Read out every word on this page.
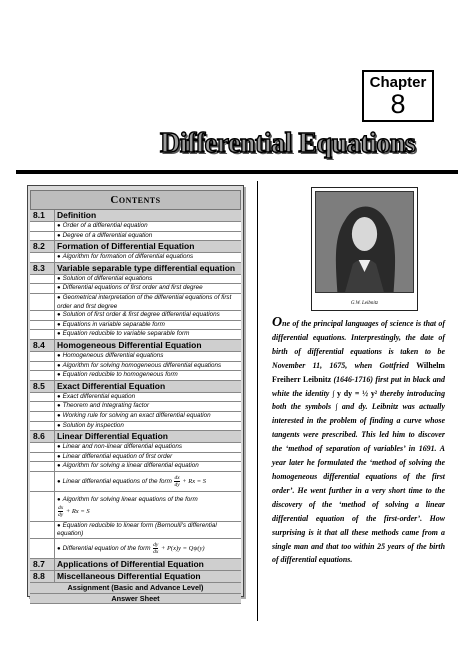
Chapter
8
Differential Equations
Contents
8.1	Definition
● Order of a differential equation
● Degree of a differential equation
8.2	Formation of Differential Equation
● Algorithm for formation of differential equations
8.3	Variable separable type differential equation
● Solution of differential equations
● Differential equations of first order and first degree
● Geometrical interpretation of the differential equations of first order and first degree
● Solution of first order & first degree differential equations
● Equations in variable separable form
● Equation reducible to variable separable form
8.4	Homogeneous Differential Equation
● Homogeneous differential equations
● Algorithm for solving homogeneous differential equations
● Equation reducible to homogeneous form
8.5	Exact Differential Equation
● Exact differential equation
● Theorem and Integrating factor
● Working rule for solving an exact differential equation
● Solution by inspection
8.6	Linear Differential Equation
● Linear and non-linear differential equations
● Linear differential equation of first order
● Algorithm for solving a linear differential equation
● Linear differential equations of the form $\frac{dx}{dy} + Rx = S$
● Algorithm for solving linear equations of the form

$\frac{dx}{dy} + Rx = S$
● Equation reducible to linear form (Bernoulli's differential equation)
● Differential equation of the form $\frac{dy}{dx} + P(x)y = Q\psi(y)$
8.7	Applications of Differential Equation
8.8	Miscellaneous Differential Equation
Assignment (Basic and Advance Level)
Answer Sheet
G.W. Leibnitz
One of the principal languages of science is that of differential equations. Interprestingly, the date of birth of differential equations is taken to be November 11, 1675, when Gottfried Wilhelm Freiherr Leibnitz (1646-1716) first put in black and white the identity ∫ y dy = ½ y² thereby introducing both the symbols ∫ and dy. Leibnitz was actually interested in the problem of finding a curve whose tangents were prescribed. This led him to discover the ‘method of separation of variables’ in 1691. A year later he formulated the ‘method of solving the homogeneous differential equations of the first order’. He went further in a very short time to the discovery of the ‘method of solving a linear differential equation of the first-order’. How surprising is it that all these methods came from a single man and that too within 25 years of the birth of differential equations.
